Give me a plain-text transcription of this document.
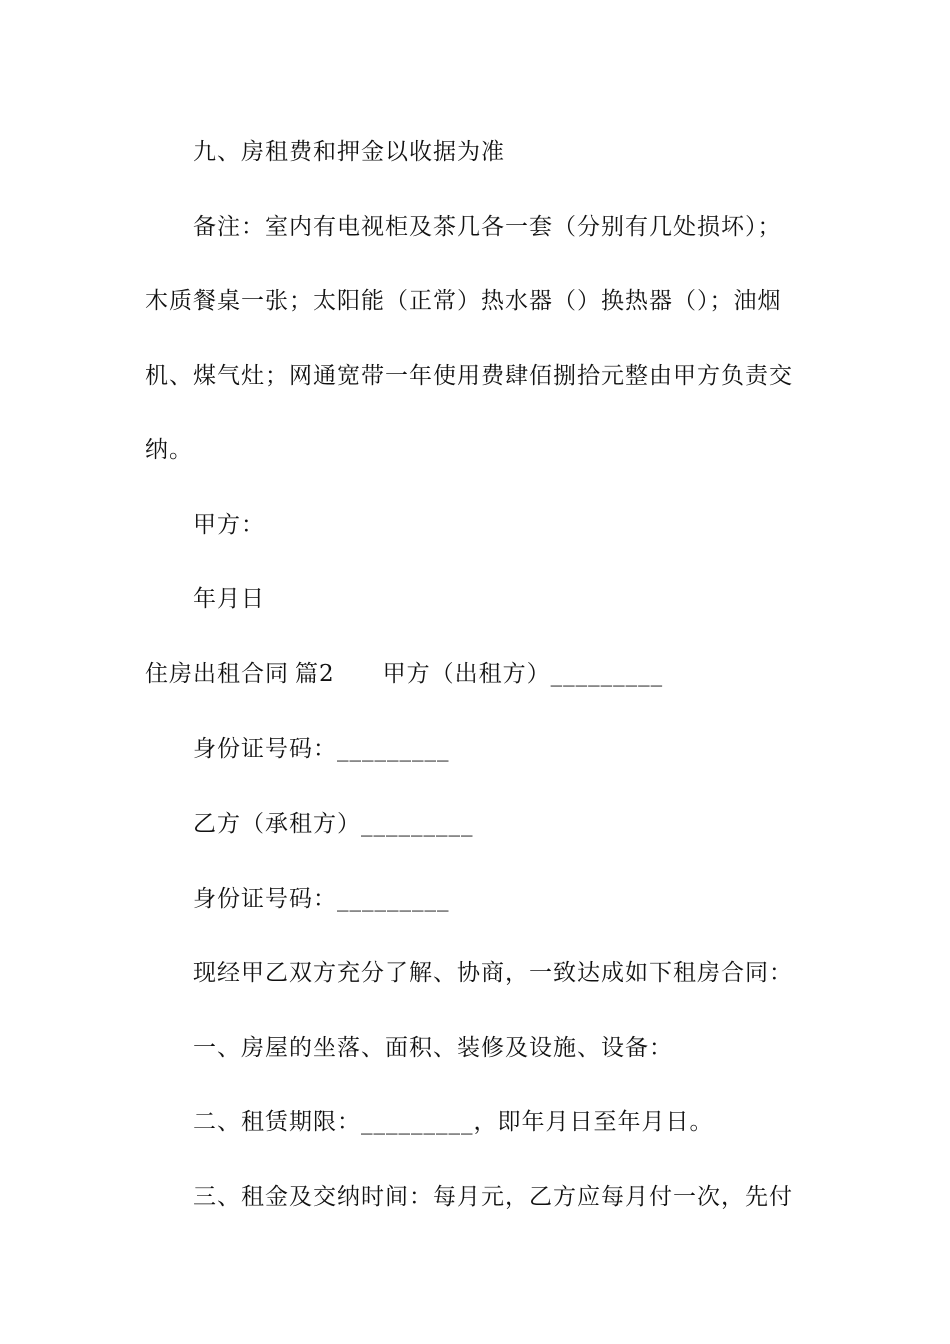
九、房租费和押金以收据为准
备注：室内有电视柜及茶几各一套（分别有几处损坏）；
木质餐桌一张；太阳能（正常）热水器（）换热器（）；油烟
机、煤气灶；网通宽带一年使用费肆佰捌拾元整由甲方负责交
纳。
甲方：
年月日
住房出租合同 篇2 甲方（出租方）_________
身份证号码：_________
乙方（承租方）_________
身份证号码：_________
现经甲乙双方充分了解、协商，一致达成如下租房合同：
一、房屋的坐落、面积、装修及设施、设备：
二、租赁期限：_________，即年月日至年月日。
三、租金及交纳时间：每月元，乙方应每月付一次，先付
